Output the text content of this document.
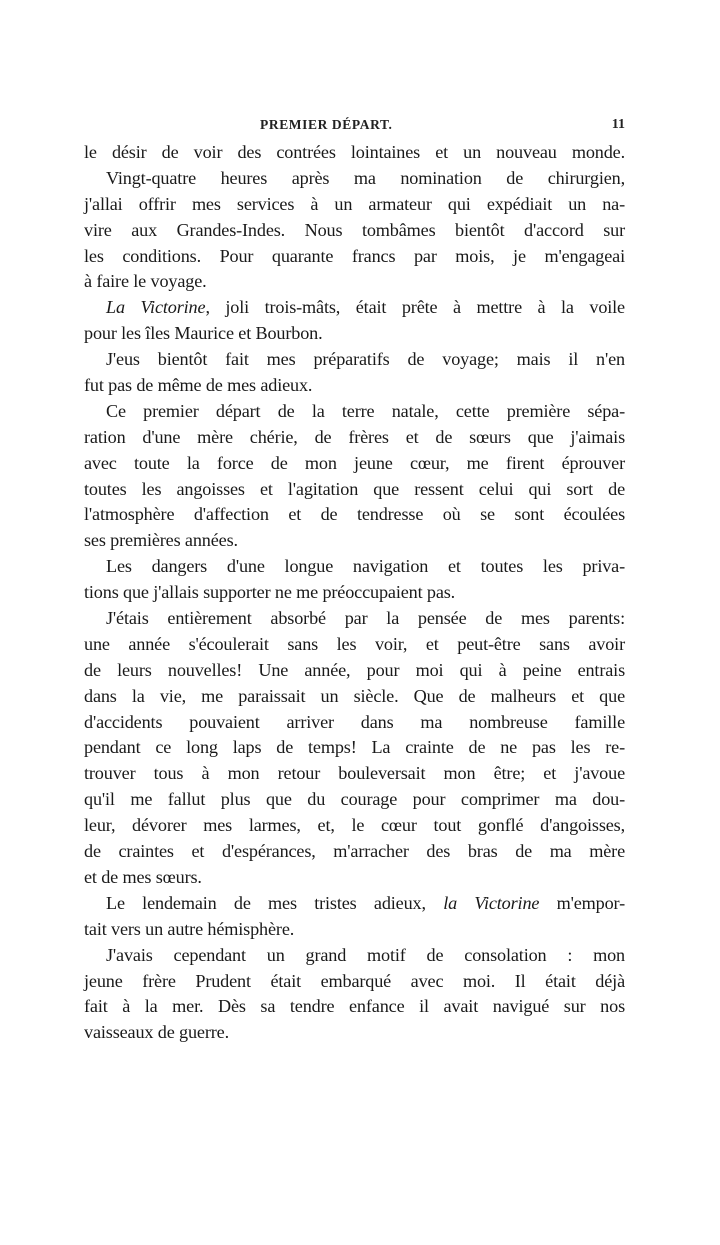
PREMIER DÉPART.	11
le désir de voir des contrées lointaines et un nouveau monde.
Vingt-quatre heures après ma nomination de chirurgien,
j'allai offrir mes services à un armateur qui expédiait un na-
vire aux Grandes-Indes. Nous tombâmes bientôt d'accord sur
les conditions. Pour quarante francs par mois, je m'engageai
à faire le voyage.
La Victorine, joli trois-mâts, était prête à mettre à la voile
pour les îles Maurice et Bourbon.
J'eus bientôt fait mes préparatifs de voyage; mais il n'en
fut pas de même de mes adieux.
Ce premier départ de la terre natale, cette première sépa-
ration d'une mère chérie, de frères et de sœurs que j'aimais
avec toute la force de mon jeune cœur, me firent éprouver
toutes les angoisses et l'agitation que ressent celui qui sort de
l'atmosphère d'affection et de tendresse où se sont écoulées
ses premières années.
Les dangers d'une longue navigation et toutes les priva-
tions que j'allais supporter ne me préoccupaient pas.
J'étais entièrement absorbé par la pensée de mes parents:
une année s'écoulerait sans les voir, et peut-être sans avoir
de leurs nouvelles! Une année, pour moi qui à peine entrais
dans la vie, me paraissait un siècle. Que de malheurs et que
d'accidents pouvaient arriver dans ma nombreuse famille
pendant ce long laps de temps! La crainte de ne pas les re-
trouver tous à mon retour bouleversait mon être; et j'avoue
qu'il me fallut plus que du courage pour comprimer ma dou-
leur, dévorer mes larmes, et, le cœur tout gonflé d'angoisses,
de craintes et d'espérances, m'arracher des bras de ma mère
et de mes sœurs.
Le lendemain de mes tristes adieux, la Victorine m'empor-
tait vers un autre hémisphère.
J'avais cependant un grand motif de consolation : mon
jeune frère Prudent était embarqué avec moi. Il était déjà
fait à la mer. Dès sa tendre enfance il avait navigué sur nos
vaisseaux de guerre.
